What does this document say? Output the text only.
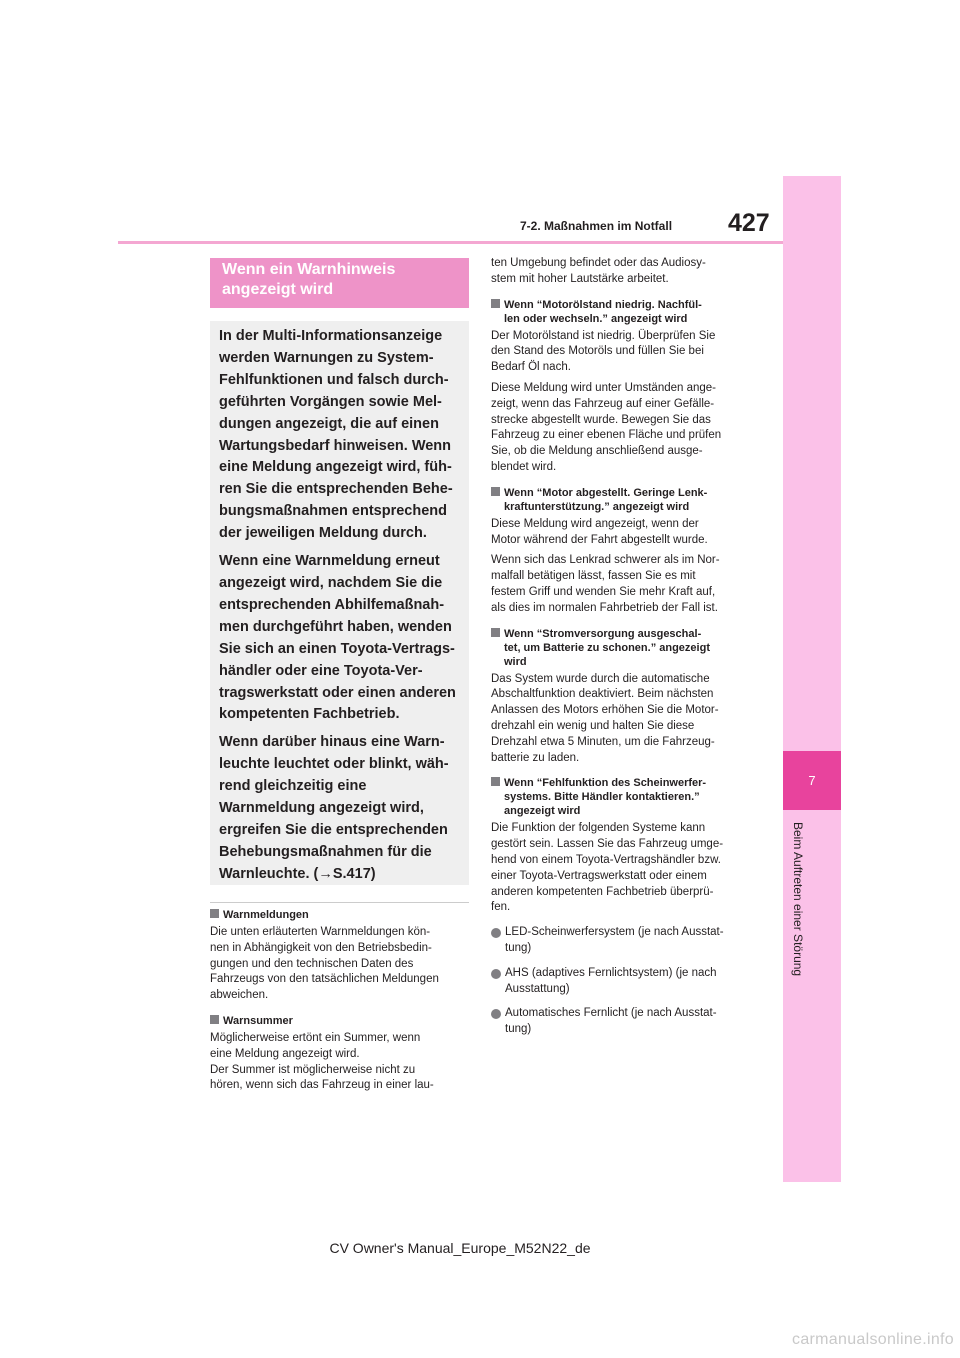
7
Beim Auftreten einer Störung
7-2. Maßnahmen im Notfall 427
Wenn ein Warnhinweis
angezeigt wird

In der Multi-Informationsanzeige
werden Warnungen zu System-
Fehlfunktionen und falsch durch-
geführten Vorgängen sowie Mel-
dungen angezeigt, die auf einen
Wartungsbedarf hinweisen. Wenn
eine Meldung angezeigt wird, füh-
ren Sie die entsprechenden Behe-
bungsmaßnahmen entsprechend
der jeweiligen Meldung durch.

Wenn eine Warnmeldung erneut
angezeigt wird, nachdem Sie die
entsprechenden Abhilfemaßnah-
men durchgeführt haben, wenden
Sie sich an einen Toyota-Vertrags-
händler oder eine Toyota-Ver-
tragswerkstatt oder einen anderen
kompetenten Fachbetrieb.

Wenn darüber hinaus eine Warn-
leuchte leuchtet oder blinkt, wäh-
rend gleichzeitig eine
Warnmeldung angezeigt wird,
ergreifen Sie die entsprechenden
Behebungsmaßnahmen für die
Warnleuchte. (→S.417)

Warnmeldungen

Die unten erläuterten Warnmeldungen kön-
nen in Abhängigkeit von den Betriebsbedin-
gungen und den technischen Daten des
Fahrzeugs von den tatsächlichen Meldungen
abweichen.

Warnsummer

Möglicherweise ertönt ein Summer, wenn
eine Meldung angezeigt wird.
Der Summer ist möglicherweise nicht zu
hören, wenn sich das Fahrzeug in einer lau-

ten Umgebung befindet oder das Audiosy-
stem mit hoher Lautstärke arbeitet.

Wenn “Motorölstand niedrig. Nachfül-
len oder wechseln.” angezeigt wird

Der Motorölstand ist niedrig. Überprüfen Sie
den Stand des Motoröls und füllen Sie bei
Bedarf Öl nach.

Diese Meldung wird unter Umständen ange-
zeigt, wenn das Fahrzeug auf einer Gefälle-
strecke abgestellt wurde. Bewegen Sie das
Fahrzeug zu einer ebenen Fläche und prüfen
Sie, ob die Meldung anschließend ausge-
blendet wird.

Wenn “Motor abgestellt. Geringe Lenk-
kraftunterstützung.” angezeigt wird

Diese Meldung wird angezeigt, wenn der
Motor während der Fahrt abgestellt wurde.

Wenn sich das Lenkrad schwerer als im Nor-
malfall betätigen lässt, fassen Sie es mit
festem Griff und wenden Sie mehr Kraft auf,
als dies im normalen Fahrbetrieb der Fall ist.

Wenn “Stromversorgung ausgeschal-
tet, um Batterie zu schonen.” angezeigt
wird

Das System wurde durch die automatische
Abschaltfunktion deaktiviert. Beim nächsten
Anlassen des Motors erhöhen Sie die Motor-
drehzahl ein wenig und halten Sie diese
Drehzahl etwa 5 Minuten, um die Fahrzeug-
batterie zu laden.

Wenn “Fehlfunktion des Scheinwerfer-
systems. Bitte Händler kontaktieren.”
angezeigt wird

Die Funktion der folgenden Systeme kann
gestört sein. Lassen Sie das Fahrzeug umge-
hend von einem Toyota-Vertragshändler bzw.
einer Toyota-Vertragswerkstatt oder einem
anderen kompetenten Fachbetrieb überprü-
fen.

LED-Scheinwerfersystem (je nach Ausstat-
tung)

AHS (adaptives Fernlichtsystem) (je nach
Ausstattung)

Automatisches Fernlicht (je nach Ausstat-
tung)

CV Owner's Manual_Europe_M52N22_de
carmanualsonline.info
